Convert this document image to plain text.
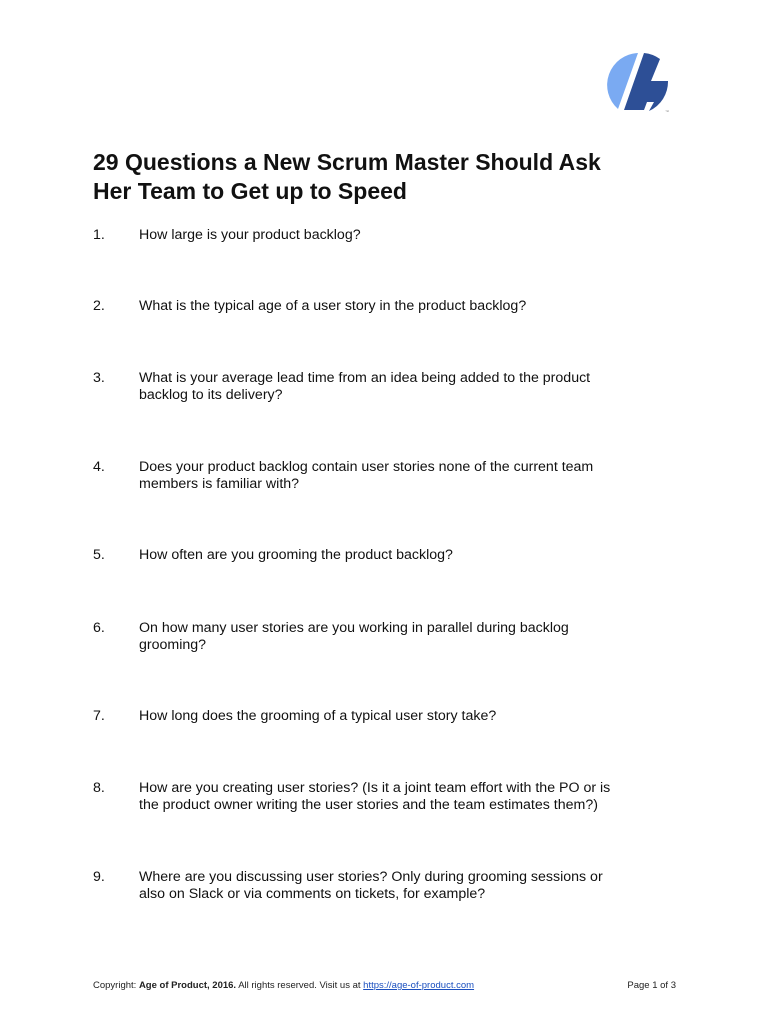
™
29 Questions a New Scrum Master Should Ask
Her Team to Get up to Speed
1.	How large is your product backlog?
2.	What is the typical age of a user story in the product backlog?
3.	What is your average lead time from an idea being added to the product
backlog to its delivery?
4.	Does your product backlog contain user stories none of the current team
members is familiar with?
5.	How often are you grooming the product backlog?
6.	On how many user stories are you working in parallel during backlog
grooming?
7.	How long does the grooming of a typical user story take?
8.	How are you creating user stories? (Is it a joint team effort with the PO or is
the product owner writing the user stories and the team estimates them?)
9.	Where are you discussing user stories? Only during grooming sessions or
also on Slack or via comments on tickets, for example?
Copyright: Age of Product, 2016. All rights reserved. Visit us at https://age-of-product.com	Page 1 of 3
